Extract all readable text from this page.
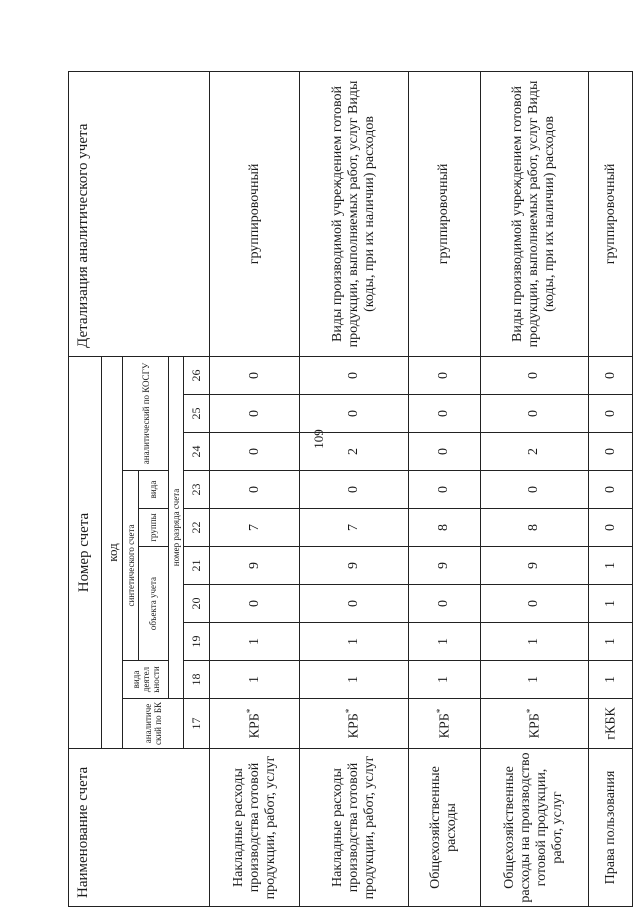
109
Наименование счета	Номер счета										Детализация аналитического учета
	код										
	аналитиче ский по БК	вида деятел ьности	синтетического счета					аналитический по КОСГУ			
			объекта учета			группы	вида				

		номер разряда счета									
	17	18	19	20	21	22	23	24	25	26	
Накладные расходы производства готовой продукции, работ, услуг	КРБ*	1	1	0	9	7	0	0	0	0	группировочный
Накладные расходы производства готовой продукции, работ, услуг	КРБ*	1	1	0	9	7	0	2	0	0	Виды производимой учреждением готовой продукции, выполняемых работ, услуг Виды (коды, при их наличии) расходов
Общехозяйственные расходы	КРБ*	1	1	0	9	8	0	0	0	0	группировочный
Общехозяйственные расходы на производство готовой продукции, работ, услуг	КРБ*	1	1	0	9	8	0	2	0	0	Виды производимой учреждением готовой продукции, выполняемых работ, услуг Виды (коды, при их наличии) расходов
Права пользования	гКБК	1	1	1	1	0	0	0	0	0	группировочный
